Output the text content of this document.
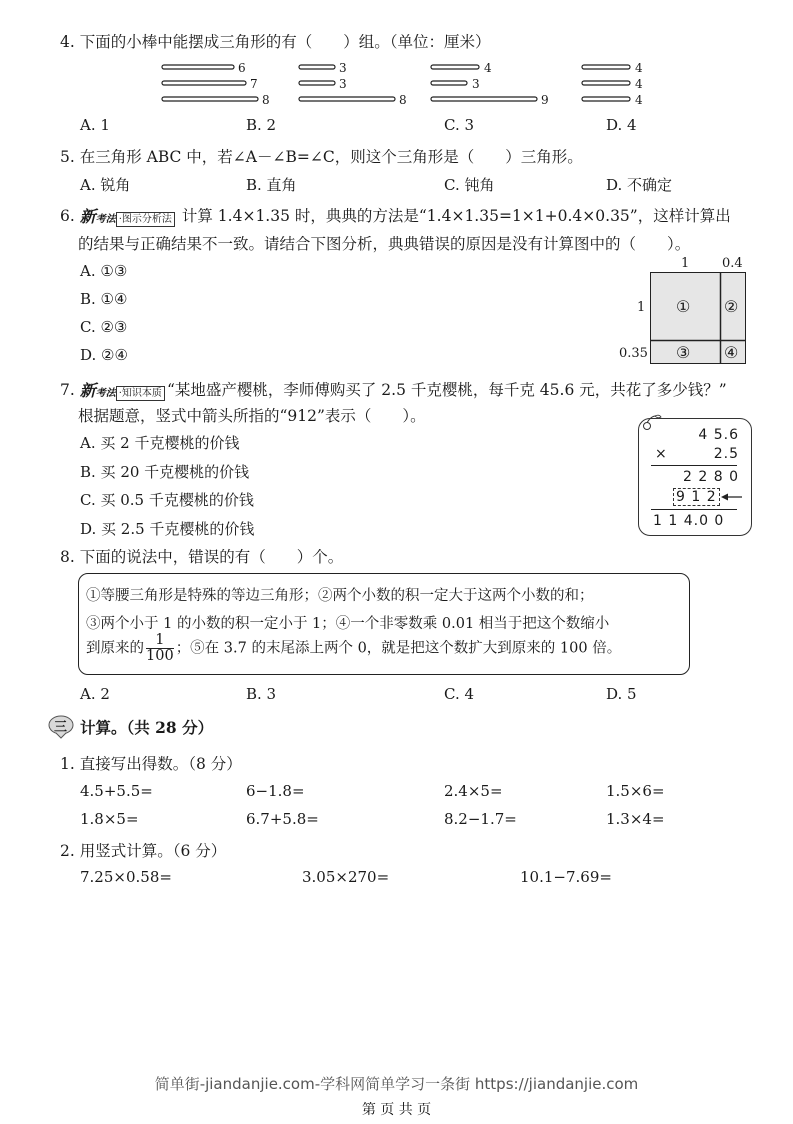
4. 下面的小棒中能摆成三角形的有（　　）组。（单位：厘米）
6
7
8
3
3
8
4
3
9
4
4
4
A. 1	B. 2	C. 3	D. 4
5. 在三角形 ABC 中，若∠A－∠B=∠C，则这个三角形是（　　）三角形。
A. 锐角	B. 直角	C. 钝角	D. 不确定
6. 新考法 ·图示分析法 计算 1.4×1.35 时，典典的方法是“1.4×1.35=1×1+0.4×0.35”，这样计算出
的结果与正确结果不一致。请结合下图分析，典典错误的原因是没有计算图中的（　　）。
A. ①③
B. ①④
C. ②③
D. ②④
① ②
③ ④
1	0.4
1
0.35
7. 新考法 ·知识本质 “某地盛产樱桃，李师傅购买了 2.5 千克樱桃，每千克 45.6 元，共花了多少钱？”
根据题意，竖式中箭头所指的“912”表示（　　）。
A. 买 2 千克樱桃的价钱
B. 买 20 千克樱桃的价钱
C. 买 0.5 千克樱桃的价钱
D. 买 2.5 千克樱桃的价钱
4 5.6
×	2.5
2 2 8 0
9 1 2
1 1 4.0 0
8. 下面的说法中，错误的有（　　）个。
①等腰三角形是特殊的等边三角形；②两个小数的积一定大于这两个小数的和；
③两个小于 1 的小数的积一定小于 1；④一个非零数乘 0.01 相当于把这个数缩小
到原来的 $\frac{1}{100}$ ；⑤在 3.7 的末尾添上两个 0，就是把这个数扩大到原来的 100 倍。
A. 2	B. 3	C. 4	D. 5
三 计算。（共 28 分）
1. 直接写出得数。（8 分）
4.5+5.5=	6−1.8=	2.4×5=	1.5×6=
1.8×5=	6.7+5.8=	8.2−1.7=	1.3×4=
2. 用竖式计算。（6 分）
7.25×0.58=	3.05×270=	10.1−7.69=
简单街-jiandanjie.com-学科网简单学习一条街 https://jiandanjie.com
第 页 共 页
